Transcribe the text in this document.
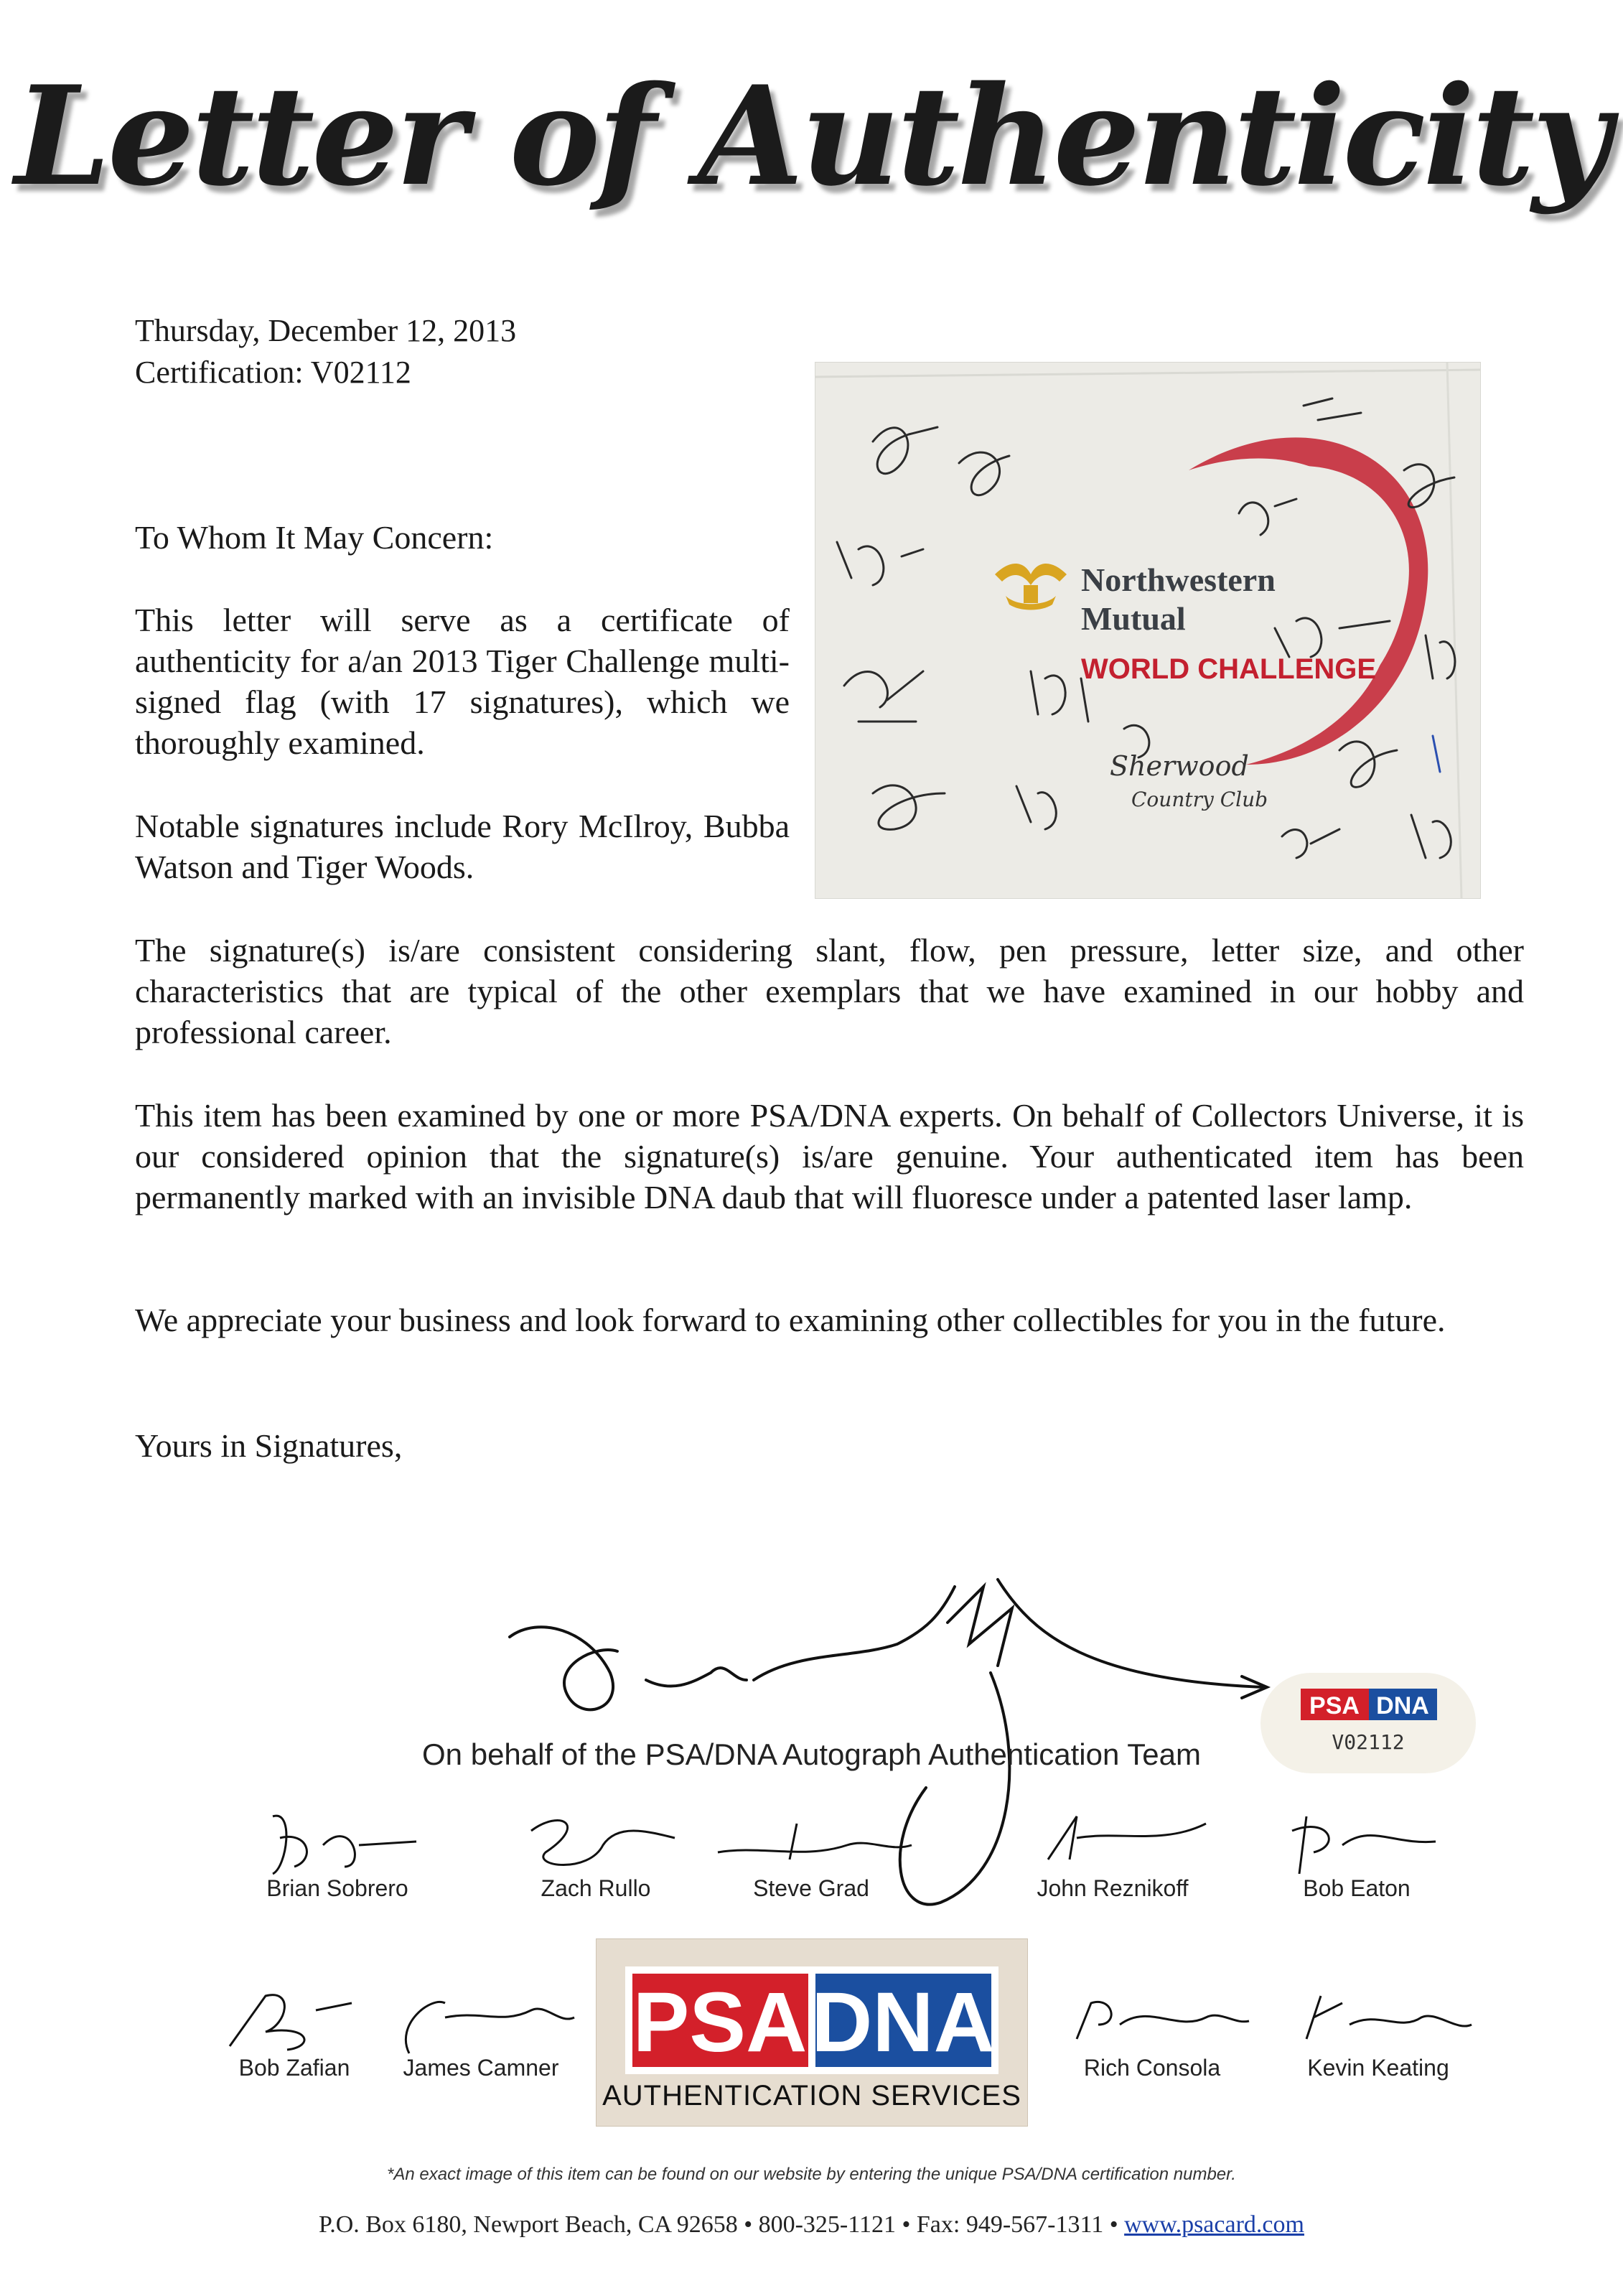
Letter of Authenticity
Thursday, December 12, 2013
Certification: V02112
To Whom It May Concern:
This letter will serve as a certificate of authenticity for a/an 2013 Tiger Challenge multi-signed flag (with 17 signatures), which we thoroughly examined.
Notable signatures include Rory McIlroy, Bubba Watson and Tiger Woods.
The signature(s) is/are consistent considering slant, flow, pen pressure, letter size, and other characteristics that are typical of the other exemplars that we have examined in our hobby and professional career.
This item has been examined by one or more PSA/DNA experts. On behalf of Collectors Universe, it is our considered opinion that the signature(s) is/are genuine. Your authenticated item has been permanently marked with an invisible DNA daub that will fluoresce under a patented laser lamp.
We appreciate your business and look forward to examining other collectibles for you in the future.
Yours in Signatures,
Northwestern
Mutual
WORLD CHALLENGE
Sherwood
Country Club
On behalf of the PSA/DNA Autograph Authentication Team
PSA DNA
V02112
Brian Sobrero	Zach Rullo	Steve Grad	John Reznikoff	Bob Eaton
Bob Zafian	James Camner	Rich Consola	Kevin Keating
PSA DNA
AUTHENTICATION SERVICES
*An exact image of this item can be found on our website by entering the unique PSA/DNA certification number.
P.O. Box 6180, Newport Beach, CA 92658 • 800-325-1121 • Fax: 949-567-1311 • www.psacard.com
